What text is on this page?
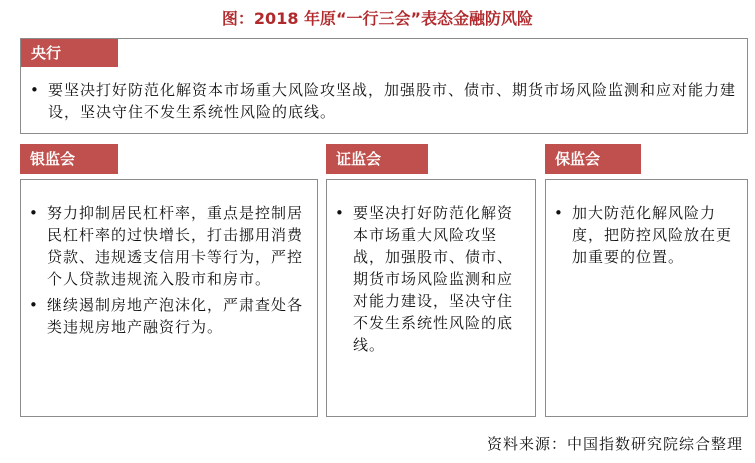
图：2018 年原“一行三会”表态金融防风险
央行
• 要坚决打好防范化解资本市场重大风险攻坚战，加强股市、债市、期货市场风险监测和应对能力建设，坚决守住不发生系统性风险的底线。
银监会
• 努力抑制居民杠杆率，重点是控制居民杠杆率的过快增长，打击挪用消费贷款、违规透支信用卡等行为，严控个人贷款违规流入股市和房市。
• 继续遏制房地产泡沫化，严肃查处各类违规房地产融资行为。
证监会
• 要坚决打好防范化解资本市场重大风险攻坚战，加强股市、债市、期货市场风险监测和应对能力建设，坚决守住不发生系统性风险的底线。
保监会
• 加大防范化解风险力度，把防控风险放在更加重要的位置。
资料来源：中国指数研究院综合整理
